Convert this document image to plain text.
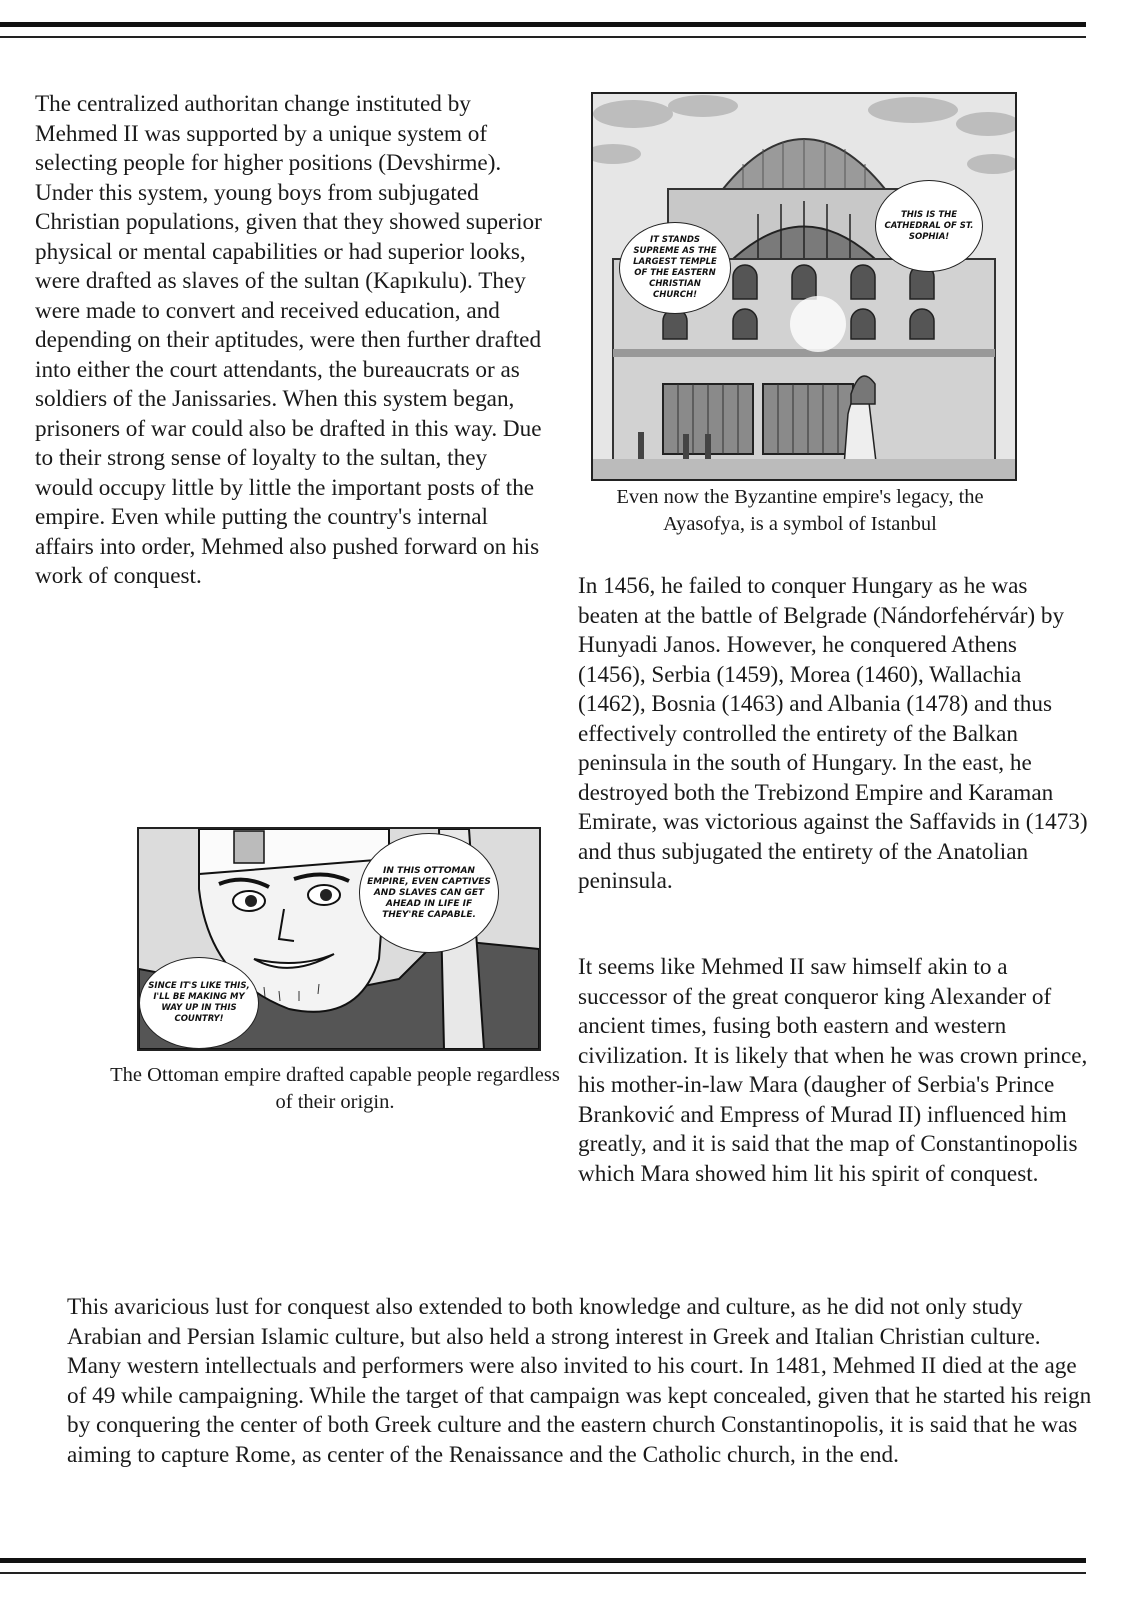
The centralized authoritan change instituted by Mehmed II was supported by a unique system of selecting people for higher positions (Devshirme). Under this system, young boys from subjugated Christian populations, given that they showed superior physical or mental capabilities or had superior looks, were drafted as slaves of the sultan (Kapıkulu). They were made to convert and received education, and depending on their aptitudes, were then further drafted into either the court attendants, the bureaucrats or as soldiers of the Janissaries. When this system began, prisoners of war could also be drafted in this way. Due to their strong sense of loyalty to the sultan, they would occupy little by little the important posts of the empire. Even while putting the country's internal affairs into order, Mehmed also pushed forward on his work of conquest.

IT STANDS SUPREME AS THE LARGEST TEMPLE OF THE EASTERN CHRISTIAN CHURCH!
THIS IS THE CATHEDRAL OF ST. SOPHIA!

Even now the Byzantine empire's legacy, the Ayasofya, is a symbol of Istanbul

In 1456, he failed to conquer Hungary as he was beaten at the battle of Belgrade (Nándorfehérvár) by Hunyadi Janos. However, he conquered Athens (1456), Serbia (1459), Morea (1460), Wallachia (1462), Bosnia (1463) and Albania (1478) and thus effectively controlled the entirety of the Balkan peninsula in the south of Hungary. In the east, he destroyed both the Trebizond Empire and Karaman Emirate, was victorious against the Saffavids in (1473) and thus subjugated the entirety of the Anatolian peninsula.

It seems like Mehmed II saw himself akin to a successor of the great conqueror king Alexander of ancient times, fusing both eastern and western civilization. It is likely that when he was crown prince, his mother-in-law Mara (daugher of Serbia's Prince Branković and Empress of Murad II) influenced him greatly, and it is said that the map of Constantinopolis which Mara showed him lit his spirit of conquest.

IN THIS OTTOMAN EMPIRE, EVEN CAPTIVES AND SLAVES CAN GET AHEAD IN LIFE IF THEY'RE CAPABLE.
SINCE IT'S LIKE THIS, I'LL BE MAKING MY WAY UP IN THIS COUNTRY!

The Ottoman empire drafted capable people regardless of their origin.

This avaricious lust for conquest also extended to both knowledge and culture, as he did not only study Arabian and Persian Islamic culture, but also held a strong interest in Greek and Italian Christian culture. Many western intellectuals and performers were also invited to his court. In 1481, Mehmed II died at the age of 49 while campaigning. While the target of that campaign was kept concealed, given that he started his reign by conquering the center of both Greek culture and the eastern church Constantinopolis, it is said that he was aiming to capture Rome, as center of the Renaissance and the Catholic church, in the end.
